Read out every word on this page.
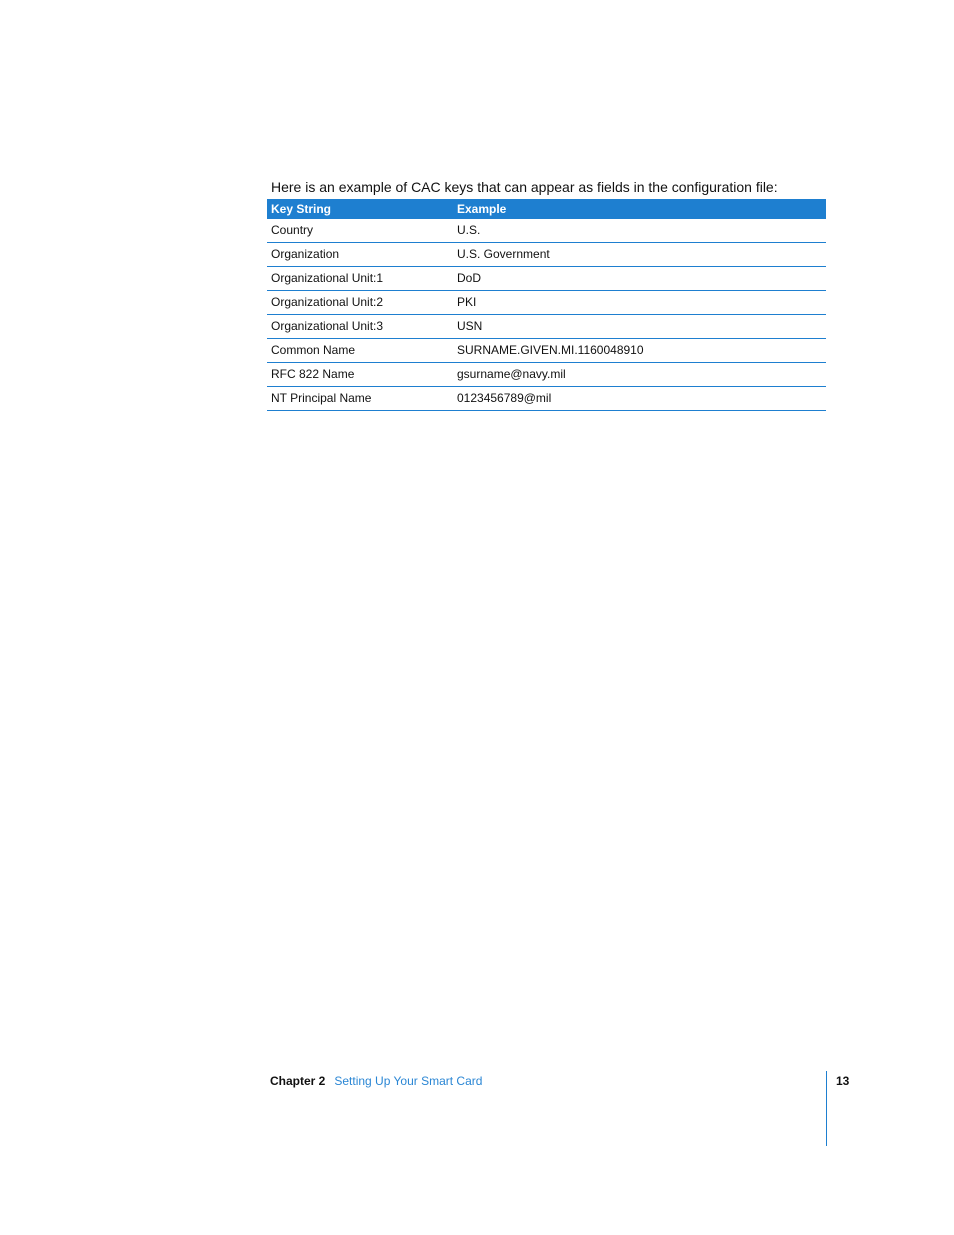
Here is an example of CAC keys that can appear as fields in the configuration file:

Key String	Example
Country	U.S.
Organization	U.S. Government
Organizational Unit:1	DoD
Organizational Unit:2	PKI
Organizational Unit:3	USN
Common Name	SURNAME.GIVEN.MI.1160048910
RFC 822 Name	gsurname@navy.mil
NT Principal Name	0123456789@mil
Chapter 2 Setting Up Your Smart Card	13
